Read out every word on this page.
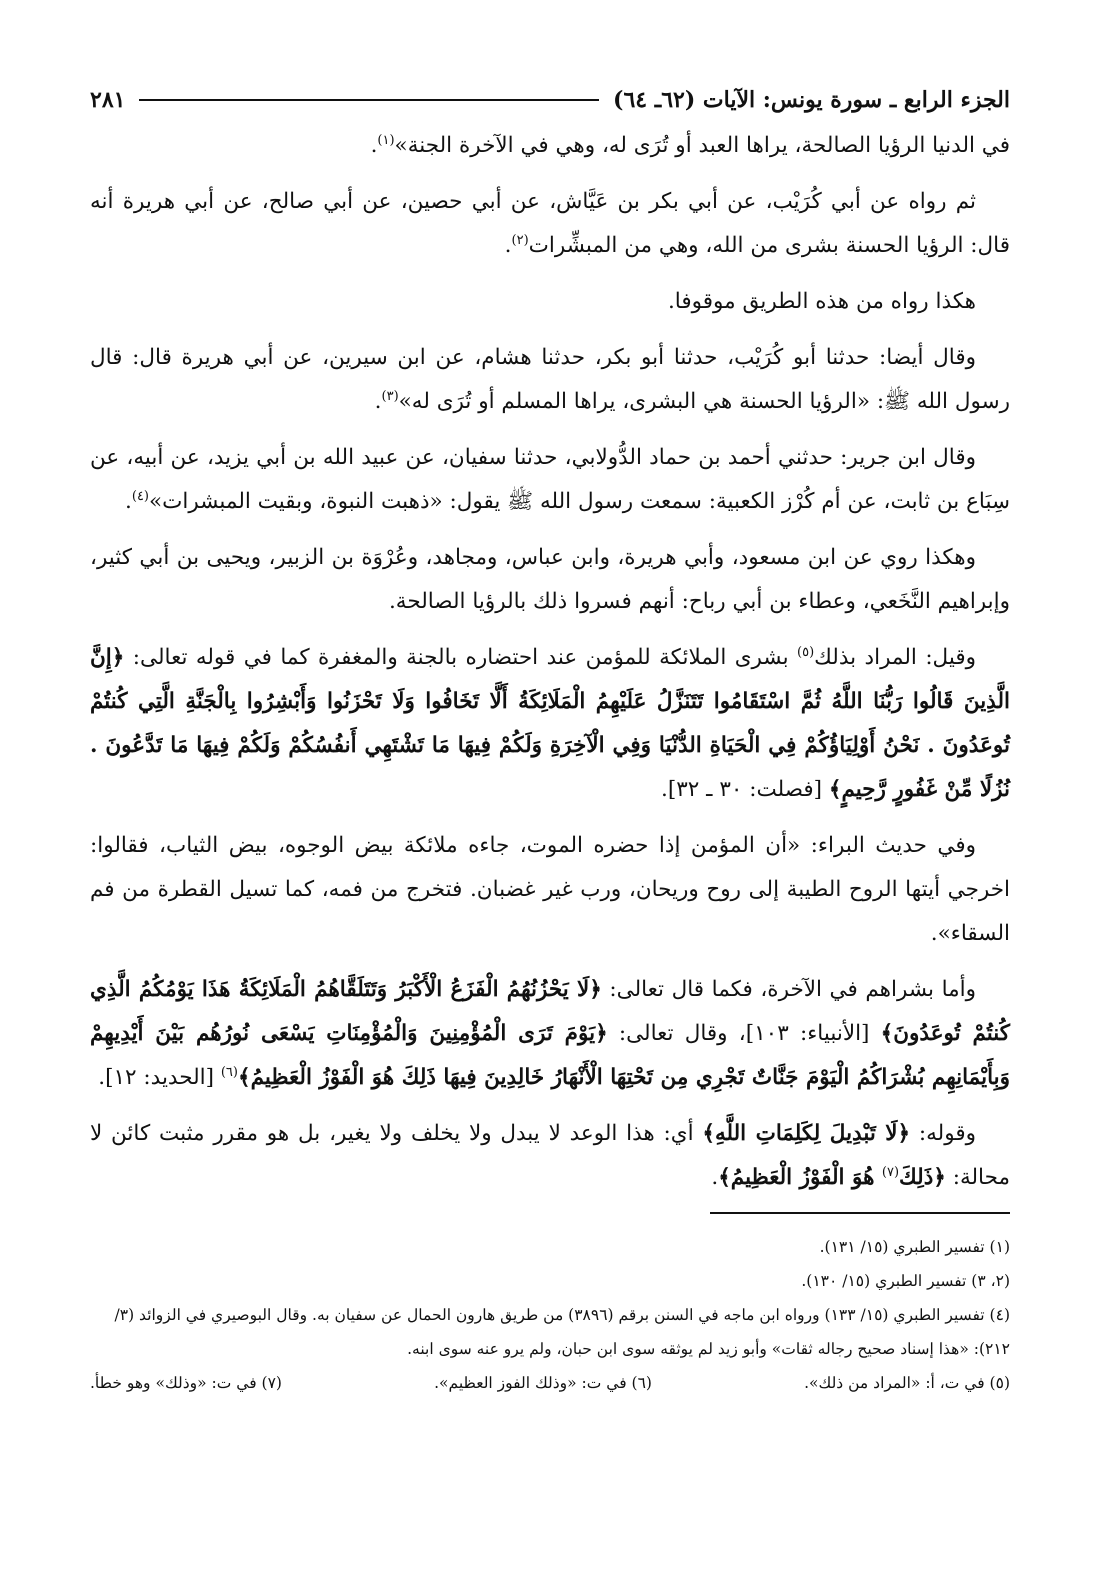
الجزء الرابع ـ سورة يونس: الآيات (٦٢ـ ٦٤)
٢٨١
في الدنيا الرؤيا الصالحة، يراها العبد أو تُرَى له، وهي في الآخرة الجنة»$^{(١)}$.
ثم رواه عن أبي كُرَيْب، عن أبي بكر بن عَيَّاش، عن أبي حصين، عن أبي صالح، عن أبي هريرة أنه قال: الرؤيا الحسنة بشرى من الله، وهي من المبشِّرات$^{(٢)}$.
هكذا رواه من هذه الطريق موقوفا.
وقال أيضا: حدثنا أبو كُرَيْب، حدثنا أبو بكر، حدثنا هشام، عن ابن سيرين، عن أبي هريرة قال: قال رسول الله ﷺ: «الرؤيا الحسنة هي البشرى، يراها المسلم أو تُرَى له»$^{(٣)}$.
وقال ابن جرير: حدثني أحمد بن حماد الدُّولابي، حدثنا سفيان، عن عبيد الله بن أبي يزيد، عن أبيه، عن سِبَاع بن ثابت، عن أم كُرْز الكعبية: سمعت رسول الله ﷺ يقول: «ذهبت النبوة، وبقيت المبشرات»$^{(٤)}$.
وهكذا روي عن ابن مسعود، وأبي هريرة، وابن عباس، ومجاهد، وعُرْوَة بن الزبير، ويحيى بن أبي كثير، وإبراهيم النَّخَعي، وعطاء بن أبي رباح: أنهم فسروا ذلك بالرؤيا الصالحة.
وقيل: المراد بذلك$^{(٥)}$ بشرى الملائكة للمؤمن عند احتضاره بالجنة والمغفرة كما في قوله تعالى: ﴿إِنَّ الَّذِينَ قَالُوا رَبُّنَا اللَّهُ ثُمَّ اسْتَقَامُوا تَتَنَزَّلُ عَلَيْهِمُ الْمَلَائِكَةُ أَلَّا تَخَافُوا وَلَا تَحْزَنُوا وَأَبْشِرُوا بِالْجَنَّةِ الَّتِي كُنتُمْ تُوعَدُونَ . نَحْنُ أَوْلِيَاؤُكُمْ فِي الْحَيَاةِ الدُّنْيَا وَفِي الْآخِرَةِ وَلَكُمْ فِيهَا مَا تَشْتَهِي أَنفُسُكُمْ وَلَكُمْ فِيهَا مَا تَدَّعُونَ . نُزُلًا مِّنْ غَفُورٍ رَّحِيمٍ﴾ [فصلت: ٣٠ ـ ٣٢].
وفي حديث البراء: «أن المؤمن إذا حضره الموت، جاءه ملائكة بيض الوجوه، بيض الثياب، فقالوا: اخرجي أيتها الروح الطيبة إلى روح وريحان، ورب غير غضبان. فتخرج من فمه، كما تسيل القطرة من فم السقاء».
وأما بشراهم في الآخرة، فكما قال تعالى: ﴿لَا يَحْزُنُهُمُ الْفَزَعُ الْأَكْبَرُ وَتَتَلَقَّاهُمُ الْمَلَائِكَةُ هَذَا يَوْمُكُمُ الَّذِي كُنتُمْ تُوعَدُونَ﴾ [الأنبياء: ١٠٣]، وقال تعالى: ﴿يَوْمَ تَرَى الْمُؤْمِنِينَ وَالْمُؤْمِنَاتِ يَسْعَى نُورُهُم بَيْنَ أَيْدِيهِمْ وَبِأَيْمَانِهِم بُشْرَاكُمُ الْيَوْمَ جَنَّاتٌ تَجْرِي مِن تَحْتِهَا الْأَنْهَارُ خَالِدِينَ فِيهَا ذَلِكَ هُوَ الْفَوْزُ الْعَظِيمُ﴾$^{(٦)}$ [الحديد: ١٢].
وقوله: ﴿لَا تَبْدِيلَ لِكَلِمَاتِ اللَّهِ﴾ أي: هذا الوعد لا يبدل ولا يخلف ولا يغير، بل هو مقرر مثبت كائن لا محالة: ﴿ذَلِكَ$^{(٧)}$ هُوَ الْفَوْزُ الْعَظِيمُ﴾.

(١) تفسير الطبري (١٥/ ١٣١).

(٢، ٣) تفسير الطبري (١٥/ ١٣٠).

(٤) تفسير الطبري (١٥/ ١٣٣) ورواه ابن ماجه في السنن برقم (٣٨٩٦) من طريق هارون الحمال عن سفيان به. وقال البوصيري في الزوائد (٣/ ٢١٢): «هذا إسناد صحيح رجاله ثقات» وأبو زيد لم يوثقه سوى ابن حبان، ولم يرو عنه سوى ابنه.

(٥) في ت، أ: «المراد من ذلك».
(٦) في ت: «وذلك الفوز العظيم».
(٧) في ت: «وذلك» وهو خطأ.
